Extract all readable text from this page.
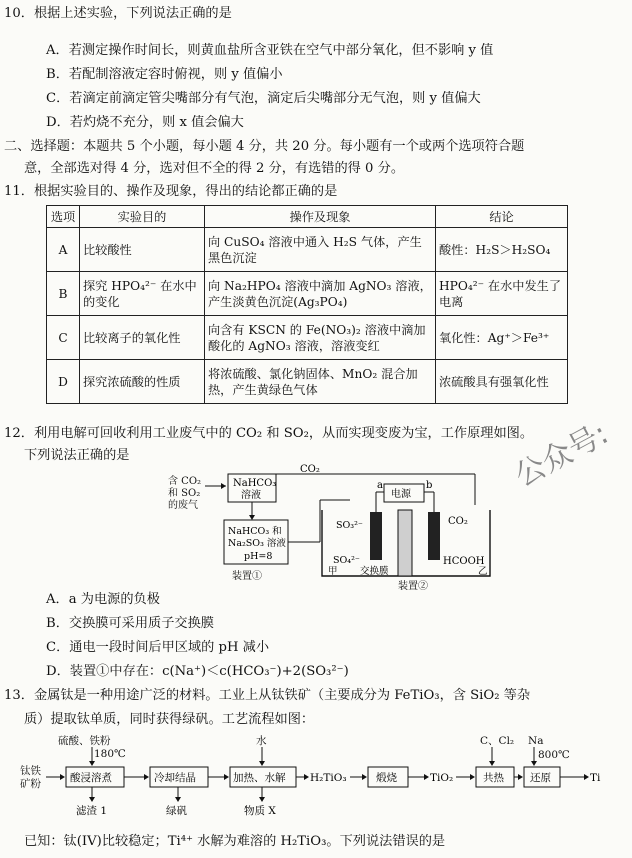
10．根据上述实验，下列说法正确的是
A．若测定操作时间长，则黄血盐所含亚铁在空气中部分氧化，但不影响 y 值
B．若配制溶液定容时俯视，则 y 值偏小
C．若滴定前滴定管尖嘴部分有气泡，滴定后尖嘴部分无气泡，则 y 值偏大
D．若灼烧不充分，则 x 值会偏大
二、选择题：本题共 5 个小题，每小题 4 分，共 20 分。每小题有一个或两个选项符合题
意，全部选对得 4 分，选对但不全的得 2 分，有选错的得 0 分。
11．根据实验目的、操作及现象，得出的结论都正确的是
选项	实验目的	操作及现象	结论
A	比较酸性	向 CuSO₄ 溶液中通入 H₂S 气体，产生黑色沉淀	酸性：H₂S＞H₂SO₄
B	探究 HPO₄²⁻ 在水中的变化	向 Na₂HPO₄ 溶液中滴加 AgNO₃ 溶液，产生淡黄色沉淀(Ag₃PO₄)	HPO₄²⁻ 在水中发生了电离
C	比较离子的氧化性	向含有 KSCN 的 Fe(NO₃)₂ 溶液中滴加酸化的 AgNO₃ 溶液，溶液变红	氧化性：Ag⁺＞Fe³⁺
D	探究浓硫酸的性质	将浓硫酸、氯化钠固体、MnO₂ 混合加热，产生黄绿色气体	浓硫酸具有强氧化性
12．利用电解可回收利用工业废气中的 CO₂ 和 SO₂，从而实现变废为宝，工作原理如图。
下列说法正确的是
含 CO₂
和 SO₂
的废气
NaHCO₃
溶液
CO₂
NaHCO₃ 和
Na₂SO₃ 溶液
pH=8
装置①
电源
a	b
SO₃²⁻
SO₄²⁻
CO₂
HCOOH
甲 交换膜	乙
装置②
A．a 为电源的负极
B．交换膜可采用质子交换膜
C．通电一段时间后甲区域的 pH 减小
D．装置①中存在：c(Na⁺)＜c(HCO₃⁻)+2(SO₃²⁻)
13．金属钛是一种用途广泛的材料。工业上从钛铁矿（主要成分为 FeTiO₃，含 SiO₂ 等杂
质）提取钛单质，同时获得绿矾。工艺流程如图：
硫酸、铁粉
180℃
水	C、Cl₂ Na
800℃
钛铁
矿粉	酸浸溶煮	冷却结晶	加热、水解 H₂TiO₃	煅烧	TiO₂	共热 还原	Ti
滤渣 1	绿矾	物质 X
已知：钛(IV)比较稳定；Ti⁴⁺ 水解为难溶的 H₂TiO₃。下列说法错误的是
公众号:
